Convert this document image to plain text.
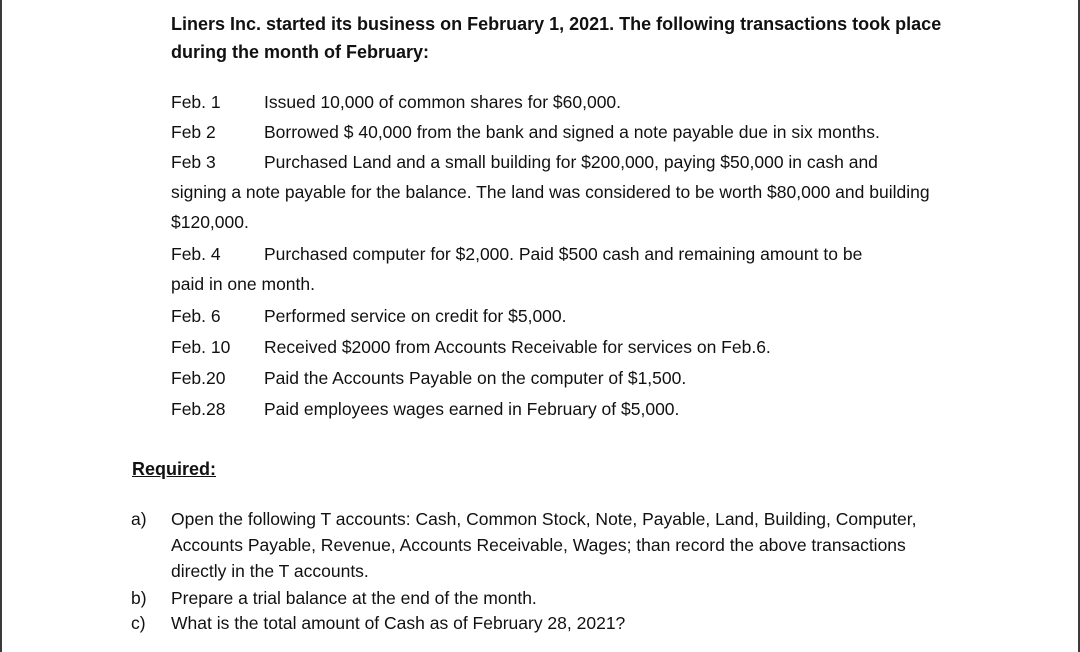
Liners Inc. started its business on February 1, 2021. The following transactions took place during the month of February:
Feb. 1 Issued 10,000 of common shares for $60,000.
Feb 2	Borrowed $ 40,000 from the bank and signed a note payable due in six months.
Feb 3	Purchased Land and a small building for $200,000, paying $50,000 in cash and
signing a note payable for the balance. The land was considered to be worth $80,000 and building $120,000.
Feb. 4 Purchased computer for $2,000. Paid $500 cash and remaining amount to be
paid in one month.
Feb. 6 Performed service on credit for $5,000.
Feb. 10 Received $2000 from Accounts Receivable for services on Feb.6.
Feb.20 Paid the Accounts Payable on the computer of $1,500.
Feb.28 Paid employees wages earned in February of $5,000.
Required:
a) Open the following T accounts: Cash, Common Stock, Note, Payable, Land, Building, Computer, Accounts Payable, Revenue, Accounts Receivable, Wages; than record the above transactions directly in the T accounts.
b) Prepare a trial balance at the end of the month.
c) What is the total amount of Cash as of February 28, 2021?
